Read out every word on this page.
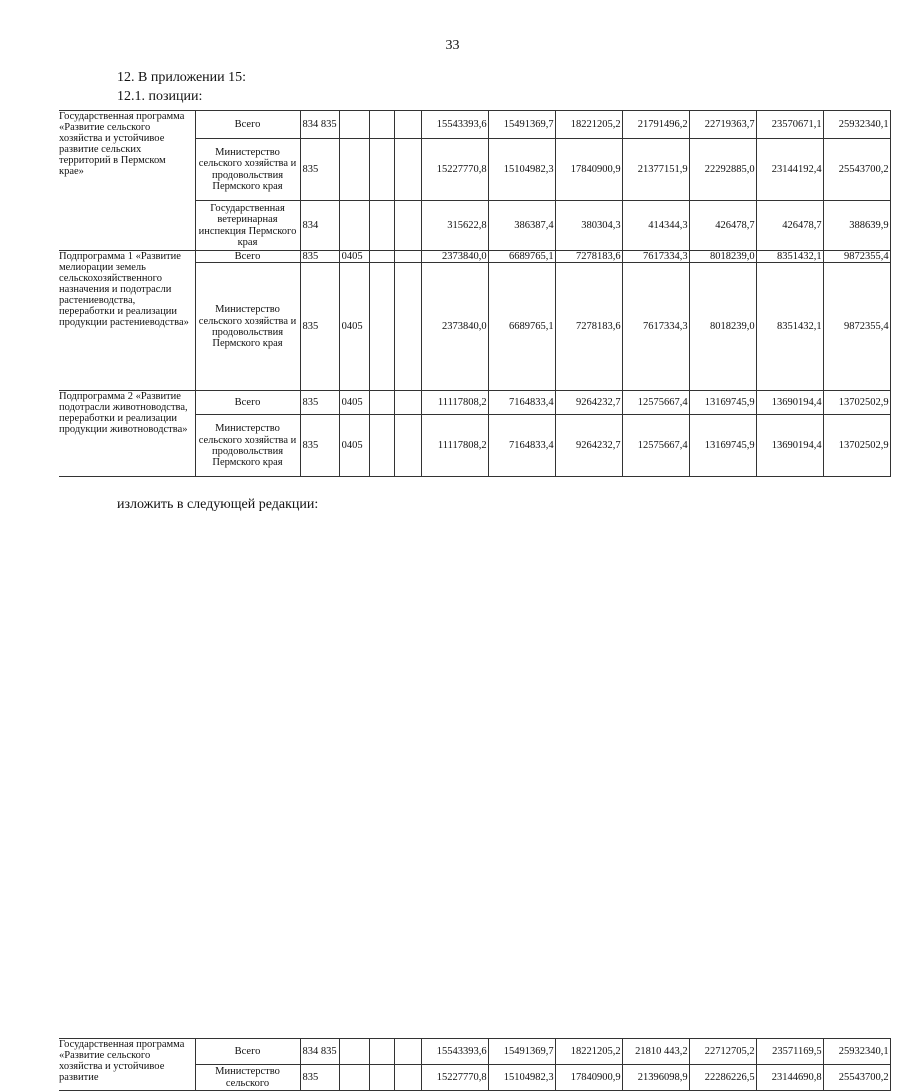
33
12. В приложении 15:
12.1. позиции:
Государственная программа «Развитие сельского хозяйства и устойчивое развитие сельских территорий в Пермском крае»	Всего	834 835				15543393,6	15491369,7	18221205,2	21791496,2	22719363,7	23570671,1	25932340,1
	Министерство сельского хозяйства и продовольствия Пермского края	835				15227770,8	15104982,3	17840900,9	21377151,9	22292885,0	23144192,4	25543700,2
	Государственная ветеринарная инспекция Пермского края	834				315622,8	386387,4	380304,3	414344,3	426478,7	426478,7	388639,9
Подпрограмма 1 «Развитие мелиорации земель сельскохозяйственного назначения и подотрасли растениеводства, переработки и реализации продукции растениеводства»	Всего	835	0405			2373840,0	6689765,1	7278183,6	7617334,3	8018239,0	8351432,1	9872355,4
	Министерство сельского хозяйства и продовольствия Пермского края	835	0405			2373840,0	6689765,1	7278183,6	7617334,3	8018239,0	8351432,1	9872355,4
Подпрограмма 2 «Развитие подотрасли животноводства, переработки и реализации продукции животноводства»	Всего	835	0405			11117808,2	7164833,4	9264232,7	12575667,4	13169745,9	13690194,4	13702502,9
	Министерство сельского хозяйства и продовольствия Пермского края	835	0405			11117808,2	7164833,4	9264232,7	12575667,4	13169745,9	13690194,4	13702502,9
изложить в следующей редакции:
Государственная программа «Развитие сельского хозяйства и устойчивое развитие	Всего	834 835				15543393,6	15491369,7	18221205,2	21810 443,2	22712705,2	23571169,5	25932340,1
	Министерство сельского	835				15227770,8	15104982,3	17840900,9	21396098,9	22286226,5	23144690,8	25543700,2
